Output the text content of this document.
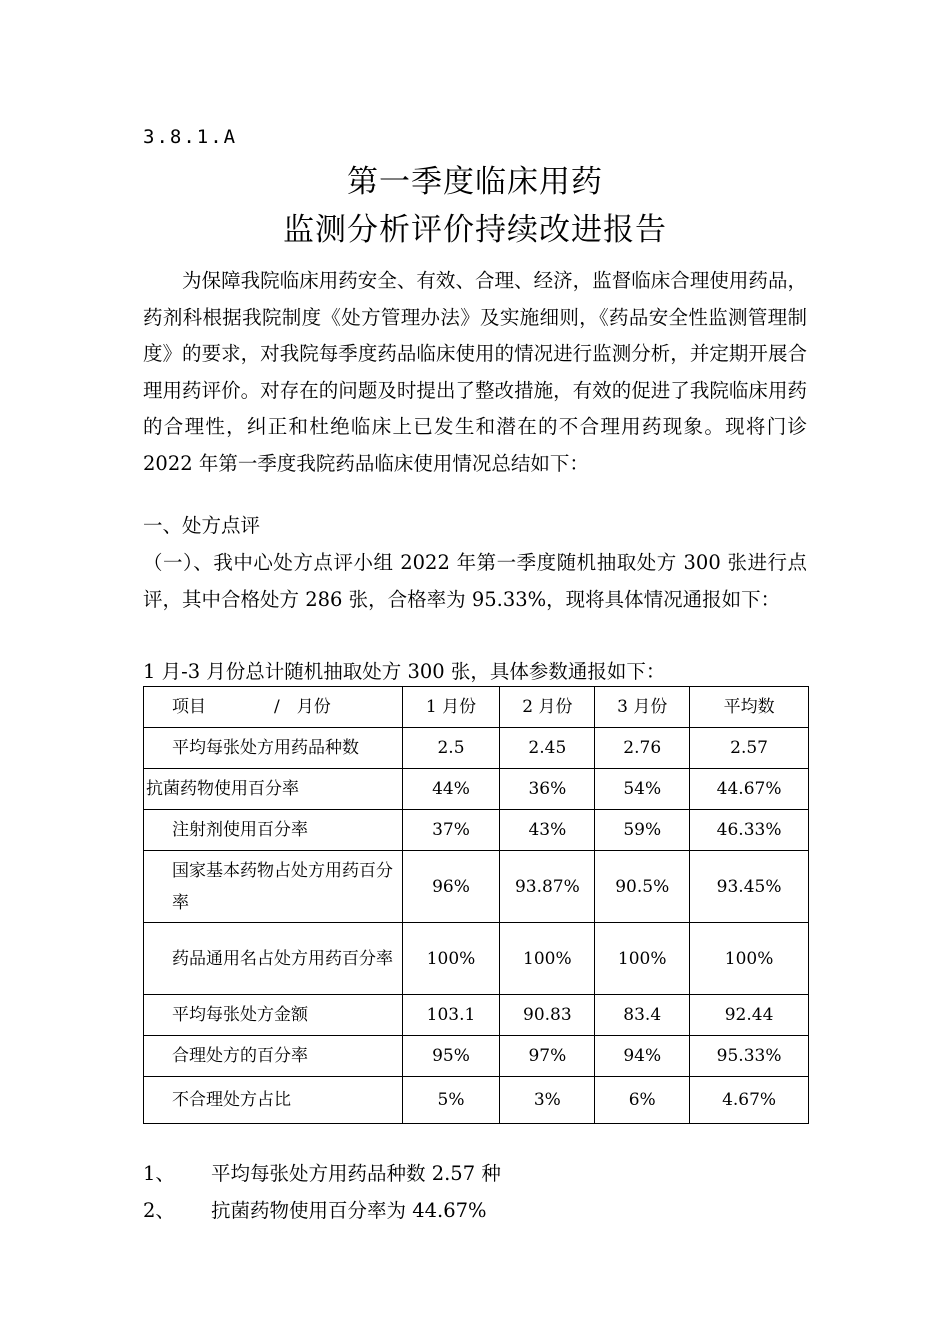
3.8.1.A
第一季度临床用药
监测分析评价持续改进报告

为保障我院临床用药安全、有效、合理、经济，监督临床合理使用药品，药剂科根据我院制度《处方管理办法》及实施细则，《药品安全性监测管理制度》的要求，对我院每季度药品临床使用的情况进行监测分析，并定期开展合理用药评价。对存在的问题及时提出了整改措施，有效的促进了我院临床用药的合理性，纠正和杜绝临床上已发生和潜在的不合理用药现象。现将门诊 2022 年第一季度我院药品临床使用情况总结如下：

一、处方点评

（一）、我中心处方点评小组 2022 年第一季度随机抽取处方 300 张进行点评，其中合格处方 286 张，合格率为 95.33%，现将具体情况通报如下：

1 月-3 月份总计随机抽取处方 300 张，具体参数通报如下：

项目　　　　/　月份	1 月份	2 月份	3 月份	平均数
平均每张处方用药品种数	2.5	2.45	2.76	2.57
抗菌药物使用百分率	44%	36%	54%	44.67%
注射剂使用百分率	37%	43%	59%	46.33%
国家基本药物占处方用药百分率	96%	93.87%	90.5%	93.45%
药品通用名占处方用药百分率	100%	100%	100%	100%
平均每张处方金额	103.1	90.83	83.4	92.44
合理处方的百分率	95%	97%	94%	95.33%
不合理处方占比	5%	3%	6%	4.67%
1、 平均每张处方用药品种数 2.57 种
2、 抗菌药物使用百分率为 44.67%
